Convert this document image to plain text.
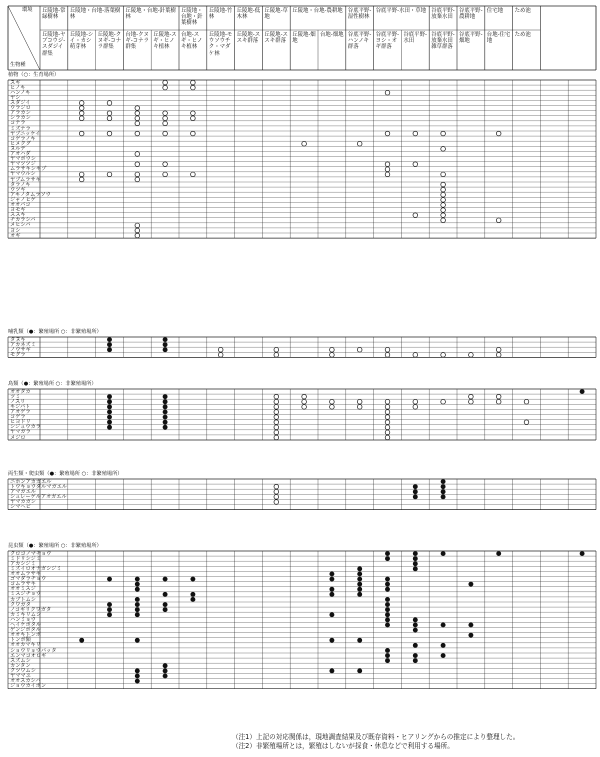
環境
生物種
丘陵地-常緑樹林
丘陵地-ヤブコウジ-スダジイ群集
丘陵地・台地-落葉樹林
丘陵地-シイ・カシ萌芽林
丘陵地-クヌギ-コナラ群集
丘陵地・台地-針葉樹林
台地-クヌギ-コナラ群集
丘陵地-スギ・ヒノキ植林
丘陵地・台地・針葉樹林
台地-スギ・ヒノキ植林
丘陵地-竹林
丘陵地-モウソウチク・マダケ林
丘陵地-低木林
丘陵地-ススキ群落
丘陵地-草地
丘陵地-ススキ群落
丘陵地・台地-農耕地
丘陵地-畑地
台地-畑地
谷底平野-湿性樹林
谷底平野-ハンノキ群落
谷底平野-水田・草地
谷底平野-ヨシ・オギ群落
谷底平野-水田
谷底平野-放棄水田
谷底平野-放棄水田雑草群落
谷底平野-農耕地
谷底平野-畑地
住宅地
台地-住宅地
ため池
ため池
植物（○：生育場所）
スギ
ヒノキ
ハンノキ
ヤシ
スダジイ
ウラジロ
アラカシ
シラカシ
コナラ
ミズナラ
ヤブニッケイ
コゲラノキ
ヒメクグ
ヌルデ
アオハダ
ヤマボウシ
ヤマツツジ
ムラサキシキブ
ヤマウルシ
ヤブムラサキ
タラノキ
ウツギ
アキノタムラソウ
ジャノヒゲ
オオバコ
ヨモギ
ススキ
チカラシバ
メヒシバ
ヨシ
オギ
哺乳類（●：繁殖場所 ○：非繁殖場所）
タヌキ
アカネズミ
ノウサギ
モグラ
鳥類（●：繁殖場所 ○：非繁殖場所）
オオタカ
ツミ
ノスリ
キジバト
アオゲラ
コゲラ
ヒヨドリ
シジュウカラ
ヤマガラ
メジロ
両生類・爬虫類（●：繁殖場所 ○：非繁殖場所）
ニホンアカガエル
トウキョウダルマガエル
アマガエル
シュレーゲルアオガエル
ヤマカガシ
シマヘビ
昆虫類（●：繁殖場所 ○：非繁殖場所）
クロコノマチョウ
ミドリシジミ
アカシジミ
ミズイロオナガシジミ
オオムラサキ
ゴマダラチョウ
コムラサキ
オオミスジ
ミスジチョウ
カブトムシ
クワガタ
ノコギリクワガタ
カミキリムシ
ハンミョウ
ヘイケボタル
ゲンジボタル
オオキトンボ
トンボ類
オオカマキリ
ショウリョウバッタ
エンマコオロギ
スズムシ
カンタン
クツワムシ
ヤママユ
オオスカシバ
ジョウカイボン
（注1）上記の対応関係は，現地調査結果及び既存資料・ヒアリングからの推定により整理した。
（注2）非繁殖場所とは，繁殖はしないが採食・休息などで利用する場所。
